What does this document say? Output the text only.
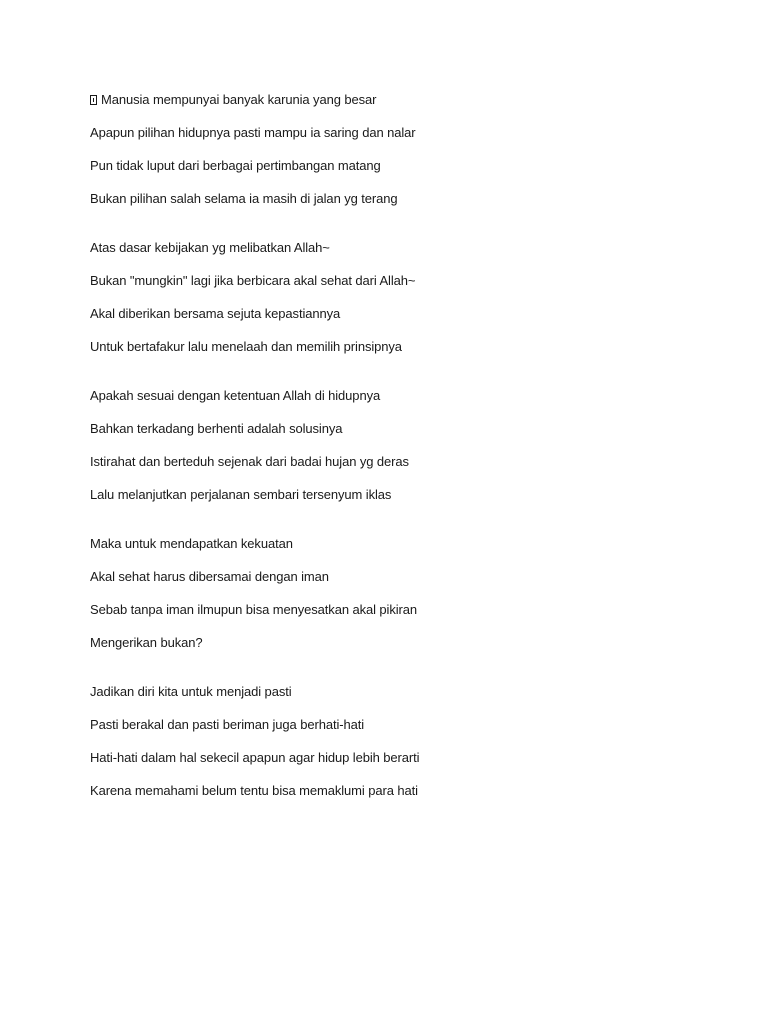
Manusia mempunyai banyak karunia yang besar
Apapun pilihan hidupnya pasti mampu ia saring dan nalar
Pun tidak luput dari berbagai pertimbangan matang
Bukan pilihan salah selama ia masih di jalan yg terang
Atas dasar kebijakan yg melibatkan Allah~
Bukan "mungkin" lagi jika berbicara akal sehat dari Allah~
Akal diberikan bersama sejuta kepastiannya
Untuk bertafakur lalu menelaah dan memilih prinsipnya
Apakah sesuai dengan ketentuan Allah di hidupnya
Bahkan terkadang berhenti adalah solusinya
Istirahat dan berteduh sejenak dari badai hujan yg deras
Lalu melanjutkan perjalanan sembari tersenyum iklas
Maka untuk mendapatkan kekuatan
Akal sehat harus dibersamai dengan iman
Sebab tanpa iman ilmupun bisa menyesatkan akal pikiran
Mengerikan bukan?
Jadikan diri kita untuk menjadi pasti
Pasti berakal dan pasti beriman juga berhati-hati
Hati-hati dalam hal sekecil apapun agar hidup lebih berarti
Karena memahami belum tentu bisa memaklumi para hati
